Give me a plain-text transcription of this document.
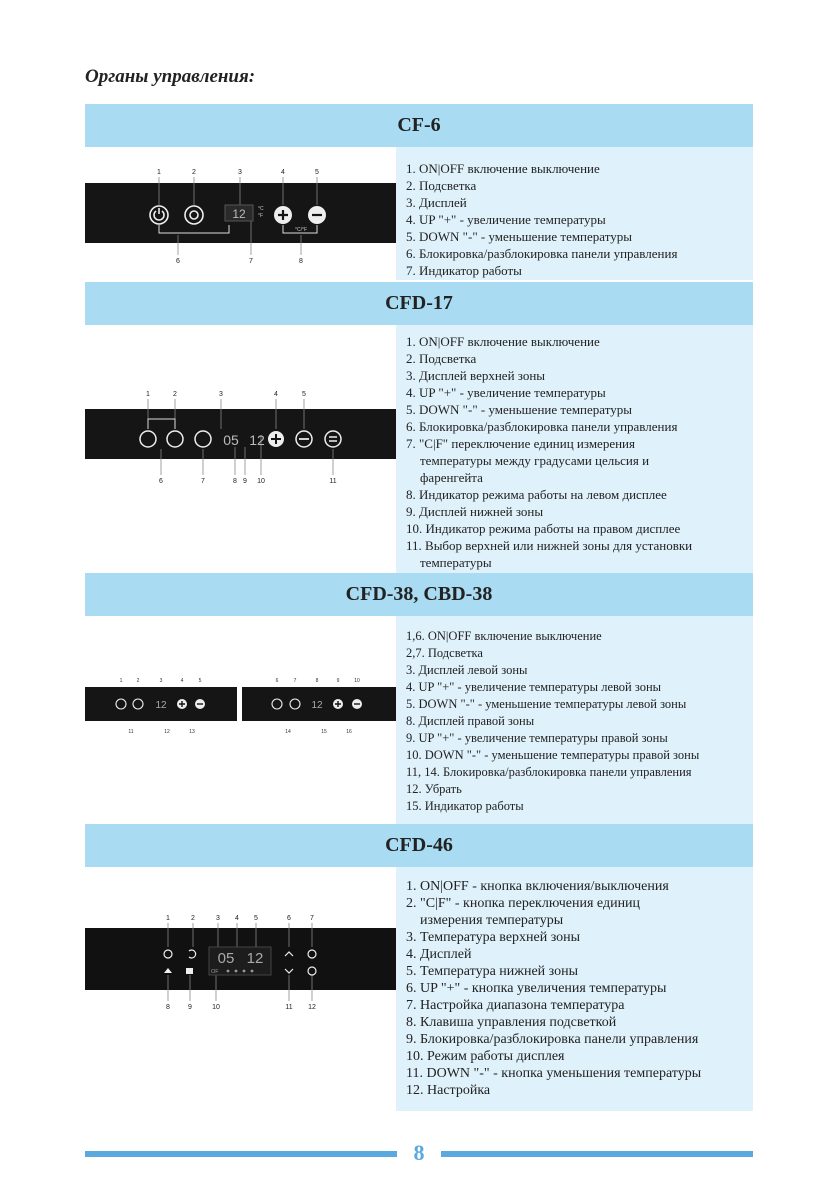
Органы управления:
CF-6
1	2	3	4	5
6	7	8
12 °C
°F
°C/°F
1. ON|OFF включение выключение
2. Подсветка
3. Дисплей
4. UP "+" - увеличение температуры
5. DOWN "-" - уменьшение температуры
6. Блокировка/разблокировка панели управления
7. Индикатор работы
CFD-17
1	2	3	4	5
6	7	8 9 10	11
05 12
1. ON|OFF включение выключение
2. Подсветка
3. Дисплей верхней зоны
4. UP "+" - увеличение температуры
5. DOWN "-" - уменьшение температуры
6. Блокировка/разблокировка панели управления
7. "C|F" переключение единиц измерения
температуры между градусами цельсия и
фаренгейта
8. Индикатор режима работы на левом дисплее
9. Дисплей нижней зоны
10. Индикатор режима работы на правом дисплее
11. Выбор верхней или нижней зоны для установки
температуры
CFD-38, CBD-38
1	2	3	4	5
11	12	13
6	7	8	9	10
14	15	16
12	12
1,6. ON|OFF включение выключение
2,7. Подсветка
3. Дисплей левой зоны
4. UP "+" - увеличение температуры левой зоны
5. DOWN "-" - уменьшение температуры левой зоны
8. Дисплей правой зоны
9. UP "+" - увеличение температуры правой зоны
10. DOWN "-" - уменьшение температуры правой зоны
11, 14. Блокировка/разблокировка панели управления
12. Убрать
15. Индикатор работы
CFD-46
1	2	3 4 5	6	7
8	9	10	11 12
05 12
OF
1. ON|OFF - кнопка включения/выключения
2. "C|F" - кнопка переключения единиц
измерения температуры
3. Температура верхней зоны
4. Дисплей
5. Температура нижней зоны
6. UP "+" - кнопка увеличения температуры
7. Настройка диапазона температура
8. Клавиша управления подсветкой
9. Блокировка/разблокировка панели управления
10. Режим работы дисплея
11. DOWN "-" - кнопка уменьшения температуры
12. Настройка
8
